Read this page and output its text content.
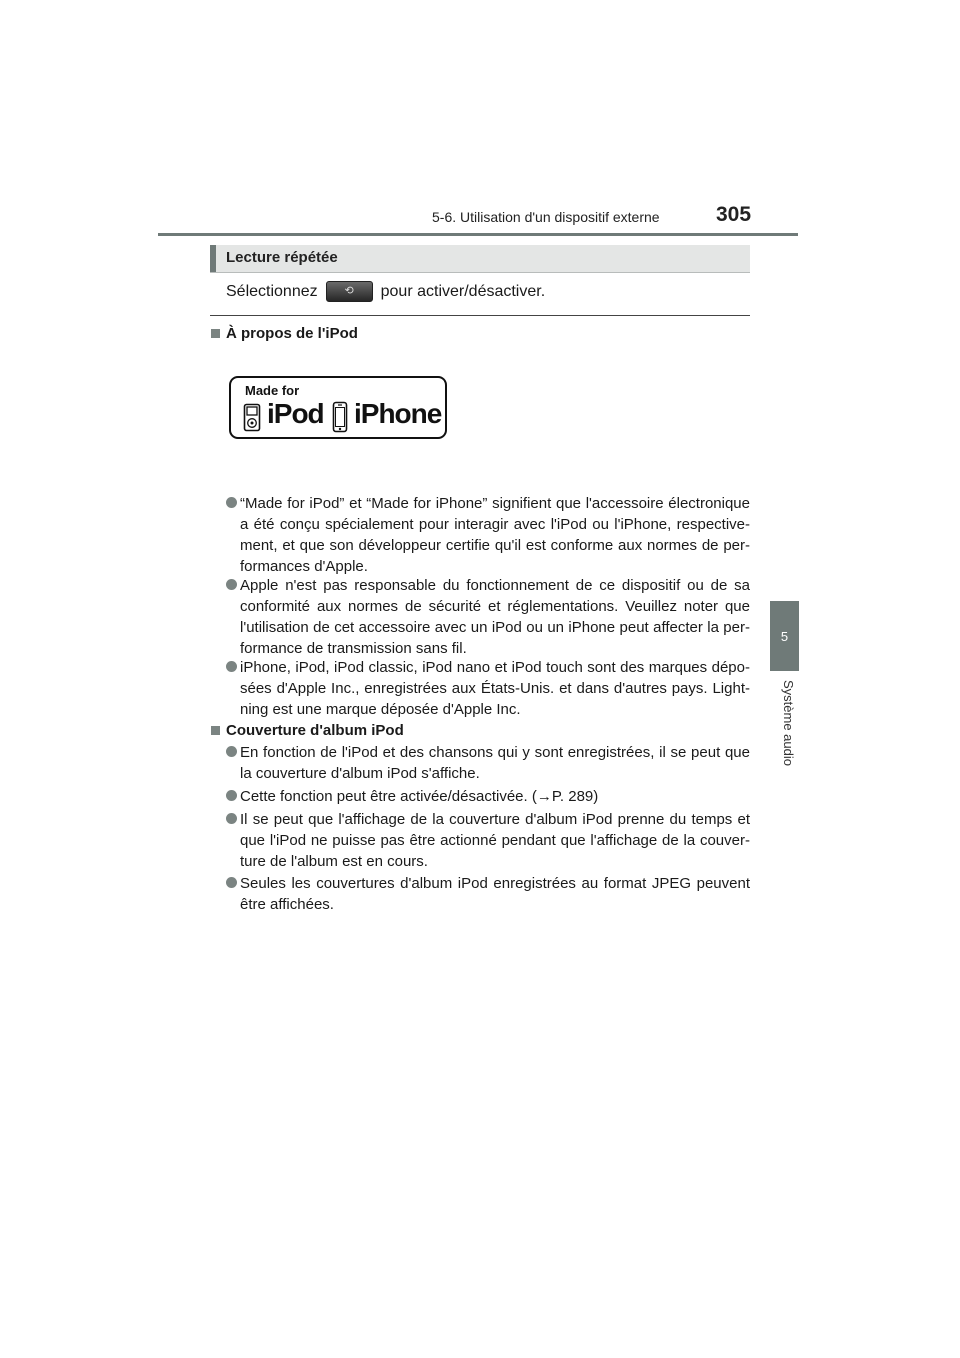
5-6. Utilisation d'un dispositif externe	305
5
Système audio
Lecture répétée
Sélectionnez	⟲	pour activer/désactiver.
À propos de l'iPod
Made for
iPod iPhone
“Made for iPod” et “Made for iPhone” signifient que l'accessoire électronique a été conçu spécialement pour interagir avec l'iPod ou l'iPhone, respective-ment, et que son développeur certifie qu'il est conforme aux normes de per-formances d'Apple.
Apple n'est pas responsable du fonctionnement de ce dispositif ou de sa conformité aux normes de sécurité et réglementations. Veuillez noter que l'utilisation de cet accessoire avec un iPod ou un iPhone peut affecter la per-formance de transmission sans fil.
iPhone, iPod, iPod classic, iPod nano et iPod touch sont des marques dépo-sées d'Apple Inc., enregistrées aux États-Unis. et dans d'autres pays. Light-ning est une marque déposée d'Apple Inc.
Couverture d'album iPod
En fonction de l'iPod et des chansons qui y sont enregistrées, il se peut que la couverture d'album iPod s'affiche.
Cette fonction peut être activée/désactivée. (→P. 289)
Il se peut que l'affichage de la couverture d'album iPod prenne du temps et que l'iPod ne puisse pas être actionné pendant que l'affichage de la couver-ture de l'album est en cours.
Seules les couvertures d'album iPod enregistrées au format JPEG peuvent être affichées.
